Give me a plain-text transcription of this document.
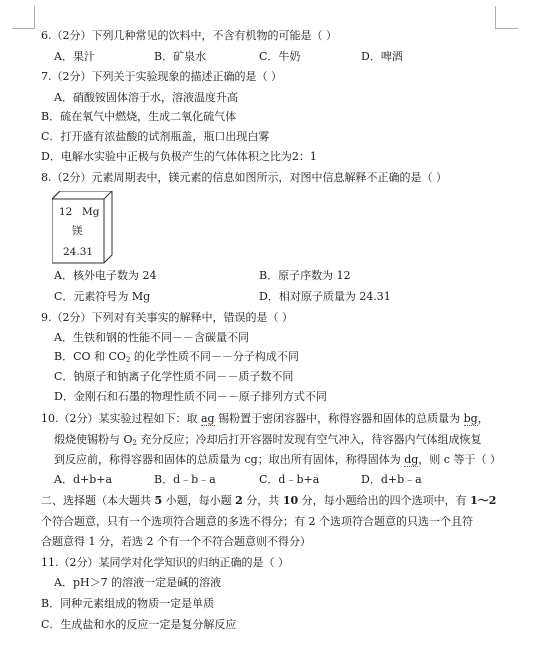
6.（2分）下列几种常见的饮料中，不含有机物的可能是（ ）
A．果汁	B．矿泉水	C．牛奶	D．啤酒
7.（2分）下列关于实验现象的描述正确的是（ ）
A．硝酸铵固体溶于水，溶液温度升高
B．硫在氧气中燃烧，生成二氧化硫气体
C．打开盛有浓盐酸的试剂瓶盖，瓶口出现白雾
D．电解水实验中正极与负极产生的气体体积之比为2：1
8.（2分）元素周期表中，镁元素的信息如图所示，对图中信息解释不正确的是（ ）
12 Mg
镁
24.31
A．核外电子数为 24	B．原子序数为 12
C．元素符号为 Mg	D．相对原子质量为 24.31
9.（2分）下列对有关事实的解释中，错误的是（ ）
A．生铁和钢的性能不同－－含碳量不同
B．CO 和 $CO_2$ 的化学性质不同－－分子构成不同
C．钠原子和钠离子化学性质不同－－质子数不同
D．金刚石和石墨的物理性质不同－－原子排列方式不同
10.（2分）某实验过程如下：取 ag 锡粉置于密闭容器中，称得容器和固体的总质量为 bg，
煅烧使锡粉与 $O_2$ 充分反应；冷却后打开容器时发现有空气冲入，待容器内气体组成恢复
到反应前，称得容器和固体的总质量为 cg；取出所有固体，称得固体为 dg，则 c 等于（ ）
A．d+b+a	B．d﹣b﹣a	C．d﹣b+a	D．d+b﹣a
二、选择题（本大题共 5 小题，每小题 2 分，共 10 分，每小题给出的四个选项中，有 1～2
个符合题意，只有一个选项符合题意的多选不得分；有 2 个选项符合题意的只选一个且符
合题意得 1 分，若选 2 个有一个不符合题意则不得分）
11.（2分）某同学对化学知识的归纳正确的是（ ）
A．pH＞7 的溶液一定是碱的溶液
B．同种元素组成的物质一定是单质
C．生成盐和水的反应一定是复分解反应
